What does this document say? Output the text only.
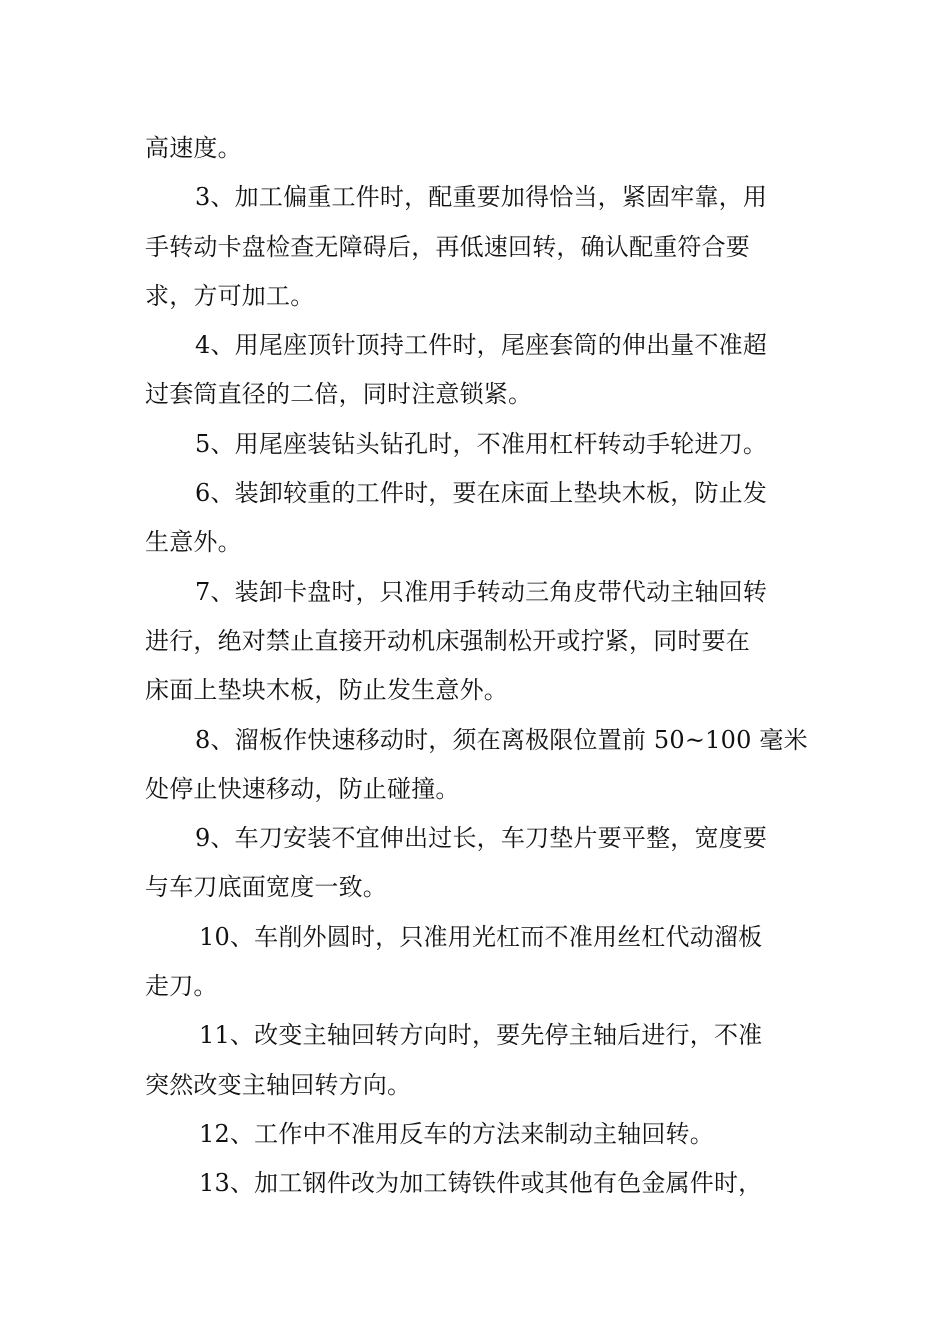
高速度。
3、加工偏重工件时，配重要加得恰当，紧固牢靠，用
手转动卡盘检查无障碍后，再低速回转，确认配重符合要
求，方可加工。
4、用尾座顶针顶持工件时，尾座套筒的伸出量不准超
过套筒直径的二倍，同时注意锁紧。
5、用尾座装钻头钻孔时，不准用杠杆转动手轮进刀。
6、装卸较重的工件时，要在床面上垫块木板，防止发
生意外。
7、装卸卡盘时，只准用手转动三角皮带代动主轴回转
进行，绝对禁止直接开动机床强制松开或拧紧，同时要在
床面上垫块木板，防止发生意外。
8、溜板作快速移动时，须在离极限位置前 50~100 毫米
处停止快速移动，防止碰撞。
9、车刀安装不宜伸出过长，车刀垫片要平整，宽度要
与车刀底面宽度一致。
10、车削外圆时，只准用光杠而不准用丝杠代动溜板
走刀。
11、改变主轴回转方向时，要先停主轴后进行，不准
突然改变主轴回转方向。
12、工作中不准用反车的方法来制动主轴回转。
13、加工钢件改为加工铸铁件或其他有色金属件时，
